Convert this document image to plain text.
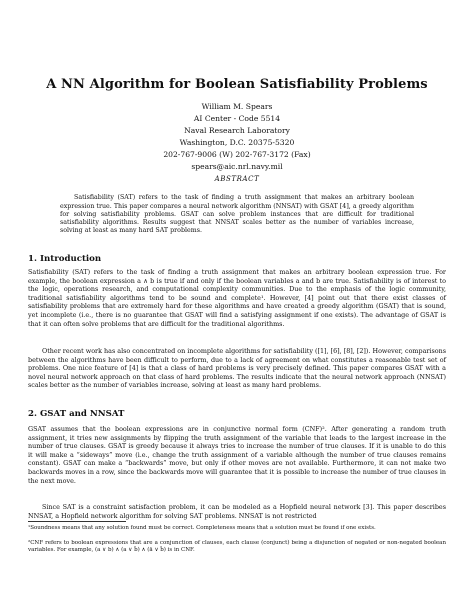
A NN Algorithm for Boolean Satisfiability Problems
William M. Spears
AI Center - Code 5514
Naval Research Laboratory
Washington, D.C. 20375-5320
202-767-9006 (W) 202-767-3172 (Fax)
spears@aic.nrl.navy.mil
ABSTRACT

Satisfiability (SAT) refers to the task of finding a truth assignment that makes an arbitrary boolean expression true. This paper compares a neural network algorithm (NNSAT) with GSAT [4], a greedy algorithm for solving satisfiability problems. GSAT can solve problem instances that are difficult for traditional satisfiability algorithms. Results suggest that NNSAT scales better as the number of variables increase, solving at least as many hard SAT problems.

1. Introduction

Satisfiability (SAT) refers to the task of finding a truth assignment that makes an arbitrary boolean expression true. For example, the boolean expression a ∧ b is true if and only if the boolean variables a and b are true. Satisfiability is of interest to the logic, operations research, and computational complexity communities. Due to the emphasis of the logic community, traditional satisfiability algorithms tend to be sound and complete¹. However, [4] point out that there exist classes of satisfiability problems that are extremely hard for these algorithms and have created a greedy algorithm (GSAT) that is sound, yet incomplete (i.e., there is no guarantee that GSAT will find a satisfying assignment if one exists). The advantage of GSAT is that it can often solve problems that are difficult for the traditional algorithms.

Other recent work has also concentrated on incomplete algorithms for satisfiability ([1], [6], [8], [2]). However, comparisons between the algorithms have been difficult to perform, due to a lack of agreement on what constitutes a reasonable test set of problems. One nice feature of [4] is that a class of hard problems is very precisely defined. This paper compares GSAT with a novel neural network approach on that class of hard problems. The results indicate that the neural network approach (NNSAT) scales better as the number of variables increase, solving at least as many hard problems.

2. GSAT and NNSAT

GSAT assumes that the boolean expressions are in conjunctive normal form (CNF)². After generating a random truth assignment, it tries new assignments by flipping the truth assignment of the variable that leads to the largest increase in the number of true clauses. GSAT is greedy because it always tries to increase the number of true clauses. If it is unable to do this it will make a “sideways” move (i.e., change the truth assignment of a variable although the number of true clauses remains constant). GSAT can make a “backwards” move, but only if other moves are not available. Furthermore, it can not make two backwards moves in a row, since the backwards move will guarantee that it is possible to increase the number of true clauses in the next move.

Since SAT is a constraint satisfaction problem, it can be modeled as a Hopfield neural network [3]. This paper describes NNSAT, a Hopfield network algorithm for solving SAT problems. NNSAT is not restricted

¹Soundness means that any solution found must be correct. Completeness means that a solution must be found if one exists.

²CNF refers to boolean expressions that are a conjunction of clauses, each clause (conjunct) being a disjunction of negated or non-negated boolean variables. For example, (a ∨ b) ∧ (a ∨ b̄) ∧ (ā ∨ b̄) is in CNF.
